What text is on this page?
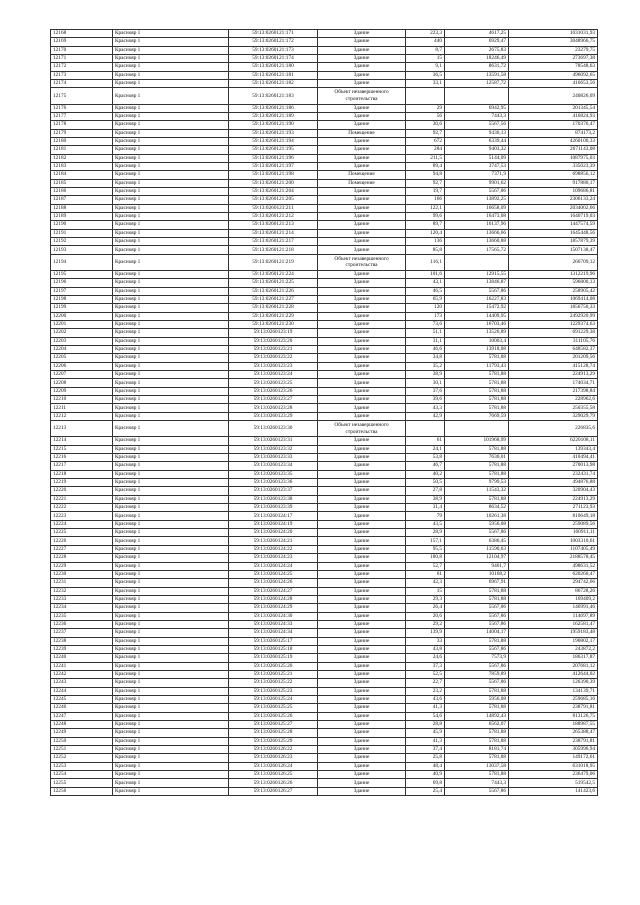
12168	Краснояр 1	59:13:0260121:171	Здание	223,3	4617,25	1031031,93
12169	Краснояр 1	59:13:0260121:172	Здание	440	6929,47	3048966,75
12170	Краснояр 1	59:13:0260121:173	Здание	8,7	2675,83	23279,75
12171	Краснояр 1	59:13:0260121:174	Здание	15	18246,49	273697,38
12172	Краснояр 1	59:13:0260121:180	Здание	9,1	8631,72	78548,63
12173	Краснояр 1	59:13:0260121:181	Здание	36,5	13591,58	496092,65
12174	Краснояр 1	59:13:0260121:182	Здание	33,1	12587,72	416653,56
12175	Краснояр 1	59:13:0260121:183	Объект незавершенного строительства			240826,09
12176	Краснояр 1	59:13:0260121:186	Здание	29	6942,95	201345,54
12177	Краснояр 1	59:13:0260121:189	Здание	56	7443,3	416824,93
12178	Краснояр 1	59:13:0260121:190	Здание	30,6	5567,56	170376,47
12179	Краснояр 1	59:13:0260121:193	Помещение	92,7	9430,13	874173,2
12180	Краснояр 1	59:13:0260121:194	Здание	672	6339,44	4260100,33
12181	Краснояр 1	59:13:0260121:195	Здание	284	9403,32	2671143,08
12182	Краснояр 1	59:13:0260121:196	Здание	211,5	5144,09	1087975,03
12183	Краснояр 1	59:13:0260121:197	Здание	89,4	3747,53	335023,39
12184	Краснояр 1	59:13:0260121:198	Помещение	94,8	7371,9	698856,12
12185	Краснояр 1	59:13:0260121:200	Помещение	92,7	9901,62	917880,17
12186	Краснояр 1	59:13:0260121:204	Здание	19,7	5567,86	109686,81
12187	Краснояр 1	59:13:0260121:205	Здание	166	13892,25	2306133,24
12188	Краснояр 1	59:13:0260121:211	Здание	122,1	16658,09	2034002,66
12189	Краснояр 1	59:13:0260121:212	Здание	99,6	16473,08	1640719,03
12190	Краснояр 1	59:13:0260121:213	Здание	89,7	16137,96	1447574,59
12191	Краснояр 1	59:13:0260121:214	Здание	120,4	13666,66	1645448,56
12192	Краснояр 1	59:13:0260121:217	Здание	136	13660,88	1857879,39
12193	Краснояр 1	59:13:0260121:218	Здание	85,8	17565,72	1507138,47
12194	Краснояр 1	59:13:0260121:219	Объект незавершенного строительства	116,1		266709,12
12195	Краснояр 1	59:13:0260121:224	Здание	101,6	12915,55	1312219,96
12196	Краснояр 1	59:13:0260121:225	Здание	43,1	13846,87	596800,13
12197	Краснояр 1	59:13:0260121:226	Здание	46,5	5567,86	258905,42
12198	Краснояр 1	59:13:0260121:227	Здание	65,9	16227,83	1069414,08
12199	Краснояр 1	59:13:0260121:228	Здание	120	15472,92	1856750,33
12200	Краснояр 1	59:13:0260121:229	Здание	173	14409,95	2492920,99
12201	Краснояр 1	59:13:0260121:230	Здание	73,6	16703,46	1229374,63
12202	Краснояр 1	59:13:0260123:19	Здание	51,1	13526,89	691229,38
12203	Краснояр 1	59:13:0260123:20	Здание	31,1	10003,4	311105,76
12204	Краснояр 1	59:13:0260123:21	Здание	46,6	13918,08	648582,37
12205	Краснояр 1	59:13:0260123:22	Здание	34,8	5781,88	201209,56
12206	Краснояр 1	59:13:0260123:23	Здание	35,2	11793,43	415128,74
12207	Краснояр 1	59:13:0260123:24	Здание	38,9	5781,88	224913,29
12208	Краснояр 1	59:13:0260123:25	Здание	30,1	5781,88	174034,71
12209	Краснояр 1	59:13:0260123:26	Здание	37,6	5781,88	217398,84
12210	Краснояр 1	59:13:0260123:27	Здание	39,6	5781,88	228962,6
12211	Краснояр 1	59:13:0260123:28	Здание	43,3	5781,88	250355,58
12212	Краснояр 1	59:13:0260123:29	Здание	42,9	7669,59	329029,79
12213	Краснояр 1	59:13:0260123:30	Объект незавершенного строительства			226835,6
12214	Краснояр 1	59:13:0260123:31	Здание	61	101968,99	6220108,11
12215	Краснояр 1	59:13:0260123:32	Здание	24,1	5781,88	139343,4
12216	Краснояр 1	59:13:0260123:33	Здание	53,8	7630,01	410494,41
12217	Краснояр 1	59:13:0260123:34	Здание	46,7	5781,88	270013,98
12218	Краснояр 1	59:13:0260123:35	Здание	40,2	5781,88	232431,74
12219	Краснояр 1	59:13:0260123:36	Здание	50,5	9799,53	494876,88
12220	Краснояр 1	59:13:0260123:37	Здание	27,8	11543,32	320904,43
12221	Краснояр 1	59:13:0260123:38	Здание	38,9	5781,88	224913,29
12222	Краснояр 1	59:13:0260123:39	Здание	31,4	8634,52	271123,93
12223	Краснояр 1	59:13:0260124:17	Здание	79	10261,38	810649,18
12224	Краснояр 1	59:13:0260124:19	Здание	43,5	5956,08	259089,56
12225	Краснояр 1	59:13:0260124:20	Здание	28,9	5567,86	160911,11
12226	Краснояр 1	59:13:0260124:21	Здание	157,1	6386,45	1003310,61
12227	Краснояр 1	59:13:0260124:22	Здание	95,5	11590,63	1107405,49
12228	Краснояр 1	59:13:0260124:23	Здание	180,8	12104,97	2188578,45
12229	Краснояр 1	59:13:0260124:24	Здание	52,7	9461,7	498631,52
12230	Краснояр 1	59:13:0260124:25	Здание	61	10168,2	620260,47
12231	Краснояр 1	59:13:0260124:26	Здание	42,3	6967,91	294742,66
12232	Краснояр 1	59:13:0260124:27	Здание	15	5781,88	86728,26
12233	Краснояр 1	59:13:0260124:28	Здание	29,3	5781,88	169409,2
12234	Краснояр 1	59:13:0260124:29	Здание	26,4	5567,86	146991,46
12235	Краснояр 1	59:13:0260124:30	Здание	20,6	5567,86	114697,89
12236	Краснояр 1	59:13:0260124:33	Здание	29,2	5567,86	162581,47
12237	Краснояр 1	59:13:0260124:34	Здание	139,9	14004,17	1959183,48
12238	Краснояр 1	59:13:0260125:17	Здание	33	5781,88	190802,17
12239	Краснояр 1	59:13:0260125:18	Здание	43,8	5567,86	243872,2
12240	Краснояр 1	59:13:0260125:19	Здание	24,6	7573,9	186317,87
12241	Краснояр 1	59:13:0260125:20	Здание	37,3	5567,86	207681,12
12242	Краснояр 1	59:13:0260125:21	Здание	52,5	7859,89	412644,02
12243	Краснояр 1	59:13:0260125:22	Здание	22,7	5567,86	126390,39
12244	Краснояр 1	59:13:0260125:23	Здание	23,2	5781,88	134139,71
12245	Краснояр 1	59:13:0260125:24	Здание	43,6	5956,08	259685,16
12246	Краснояр 1	59:13:0260125:25	Здание	41,3	5781,88	238791,81
12247	Краснояр 1	59:13:0260125:26	Здание	54,6	14892,43	813126,75
12248	Краснояр 1	59:13:0260125:27	Здание	28,8	6562,07	188987,55
12249	Краснояр 1	59:13:0260125:28	Здание	45,9	5781,88	265388,47
12250	Краснояр 1	59:13:0260125:29	Здание	41,3	5781,88	238791,81
12251	Краснояр 1	59:13:0260126:22	Здание	37,4	8181,74	305996,94
12252	Краснояр 1	59:13:0260126:23	Здание	25,8	5781,88	149172,61
12253	Краснояр 1	59:13:0260126:24	Здание	48,4	13037,58	631018,95
12254	Краснояр 1	59:13:0260126:25	Здание	40,9	5781,88	236479,06
12255	Краснояр 1	59:13:0260126:26	Здание	69,8	7443,3	519542,5
12256	Краснояр 1	59:13:0260126:27	Здание	25,4	5567,86	141423,6
